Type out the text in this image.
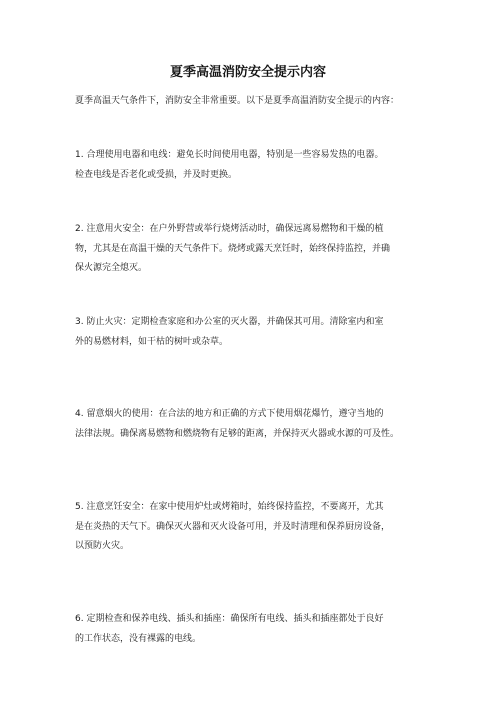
夏季高温消防安全提示内容
夏季高温天气条件下，消防安全非常重要。以下是夏季高温消防安全提示的内容：
1. 合理使用电器和电线：避免长时间使用电器，特别是一些容易发热的电器。
检查电线是否老化或受损，并及时更换。
2. 注意用火安全：在户外野营或举行烧烤活动时，确保远离易燃物和干燥的植
物，尤其是在高温干燥的天气条件下。烧烤或露天烹饪时，始终保持监控，并确
保火源完全熄灭。
3. 防止火灾：定期检查家庭和办公室的灭火器，并确保其可用。清除室内和室
外的易燃材料，如干枯的树叶或杂草。
4. 留意烟火的使用：在合法的地方和正确的方式下使用烟花爆竹，遵守当地的
法律法规。确保离易燃物和燃烧物有足够的距离，并保持灭火器或水源的可及性。
5. 注意烹饪安全：在家中使用炉灶或烤箱时，始终保持监控，不要离开，尤其
是在炎热的天气下。确保灭火器和灭火设备可用，并及时清理和保养厨房设备，
以预防火灾。
6. 定期检查和保养电线、插头和插座：确保所有电线、插头和插座都处于良好
的工作状态，没有裸露的电线。
